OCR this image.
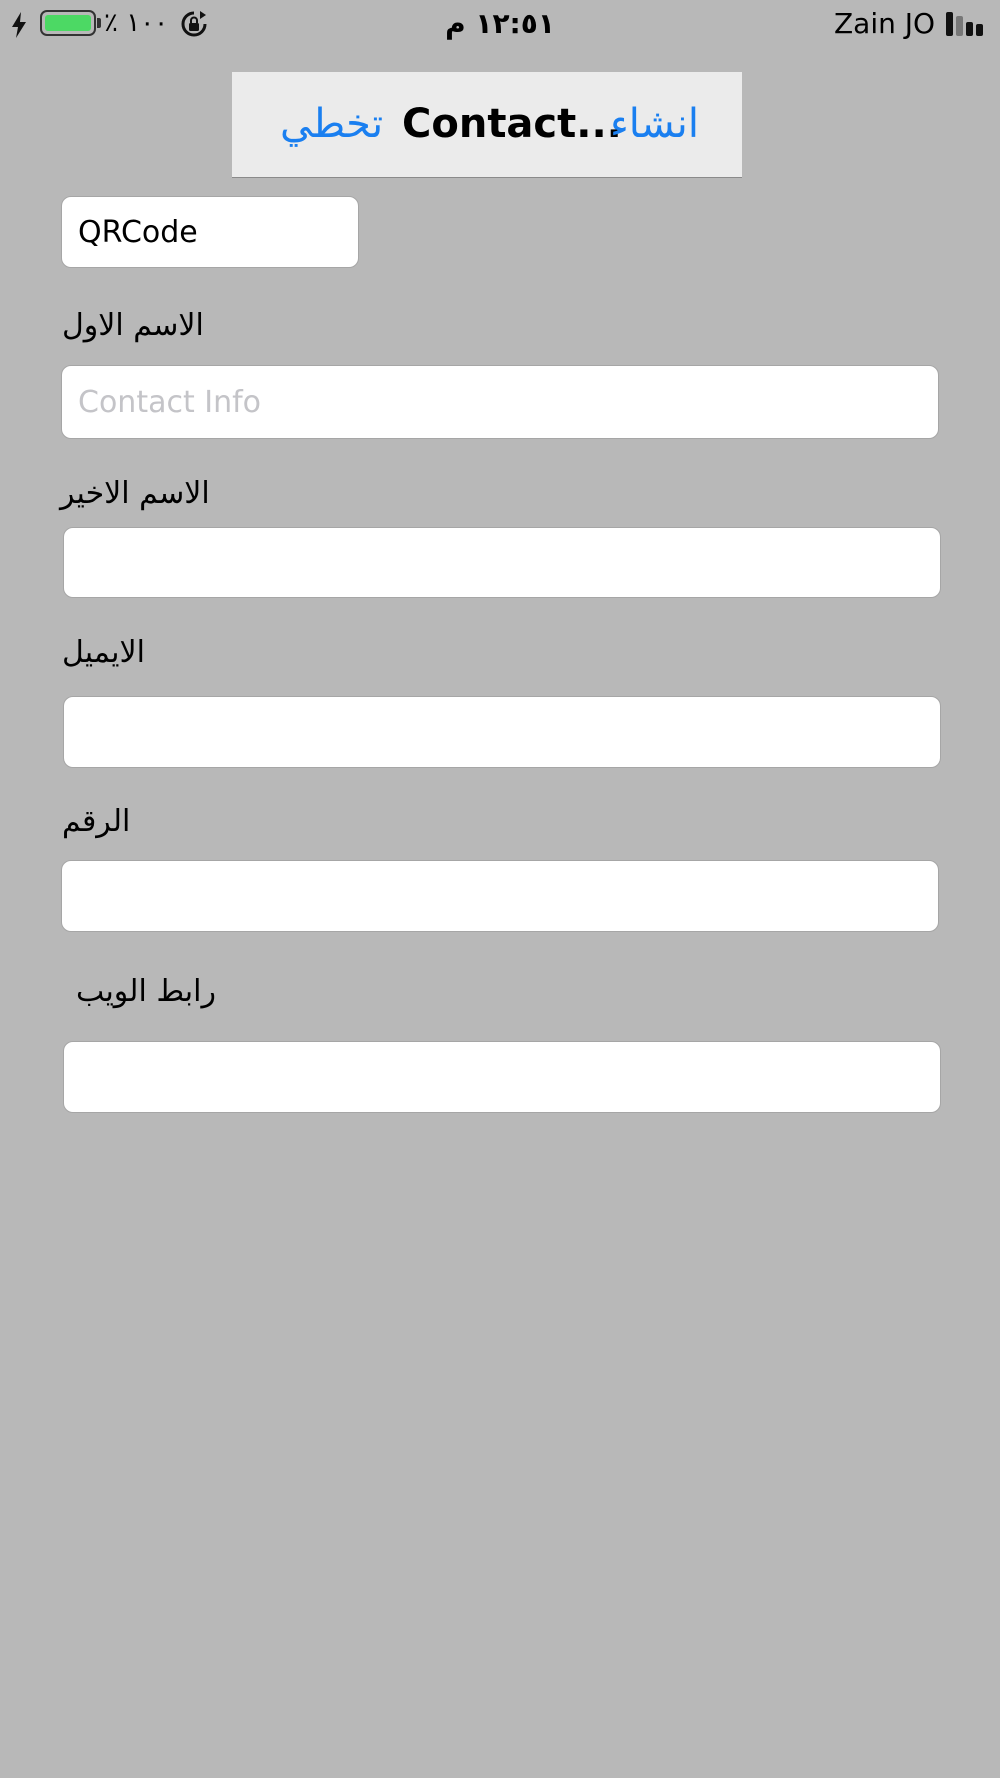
٪ ١٠٠	١٢:٥١ م	Zain JO
تخطي Contact...
انشاء
QRCode
الاسم الاول
Contact Info
الاسم الاخير
الايميل
الرقم
رابط الويب
